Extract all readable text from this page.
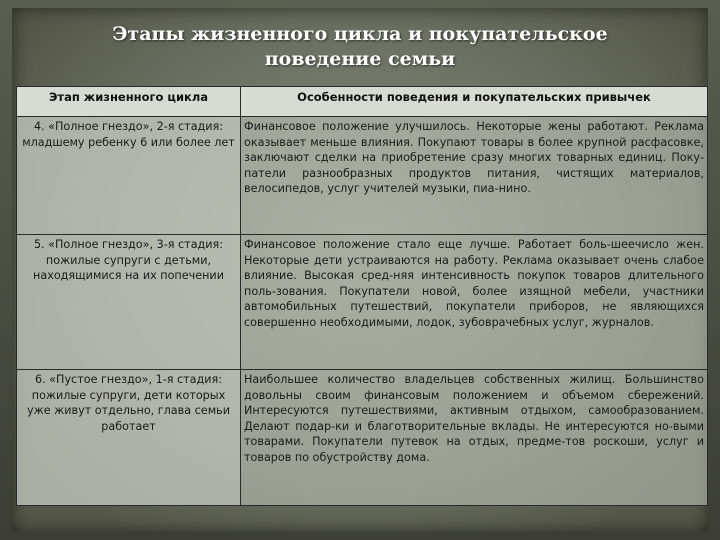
Этапы жизненного цикла и покупательское
поведение семьи
Этап жизненного цикла	Особенности поведения и покупательских привычек
4. «Полное гнездо», 2-я стадия: младшему ребенку 6 или более лет	Финансовое положение улучшилось. Некоторые жены работают. Реклама оказывает меньше влияния. Покупают товары в более крупной расфасовке, заключают сделки на приобретение сразу многих товарных единиц. Поку-патели разнообразных продуктов питания, чистящих материалов, велосипедов, услуг учителей музыки, пиа-нино.
5. «Полное гнездо», 3-я стадия: пожилые супруги с детьми, находящимися на их попечении	Финансовое положение стало еще лучше. Работает боль-шеечисло жен. Некоторые дети устраиваются на работу. Реклама оказывает очень слабое влияние. Высокая сред-няя интенсивность покупок товаров длительного поль-зования. Покупатели новой, более изящной мебели, участники автомобильных путешествий, покупатели приборов, не являющихся совершенно необходимыми, лодок, зубоврачебных услуг, журналов.
6. «Пустое гнездо», 1-я стадия: пожилые супруги, дети которых уже живут отдельно, глава семьи работает	Наибольшее количество владельцев собственных жилищ. Большинство довольны своим финансовым положением и объемом сбережений. Интересуются путешествиями, активным отдыхом, самообразованием. Делают подар-ки и благотворительные вклады. Не интересуются но-выми товарами. Покупатели путевок на отдых, предме-тов роскоши, услуг и товаров по обустройству дома.
